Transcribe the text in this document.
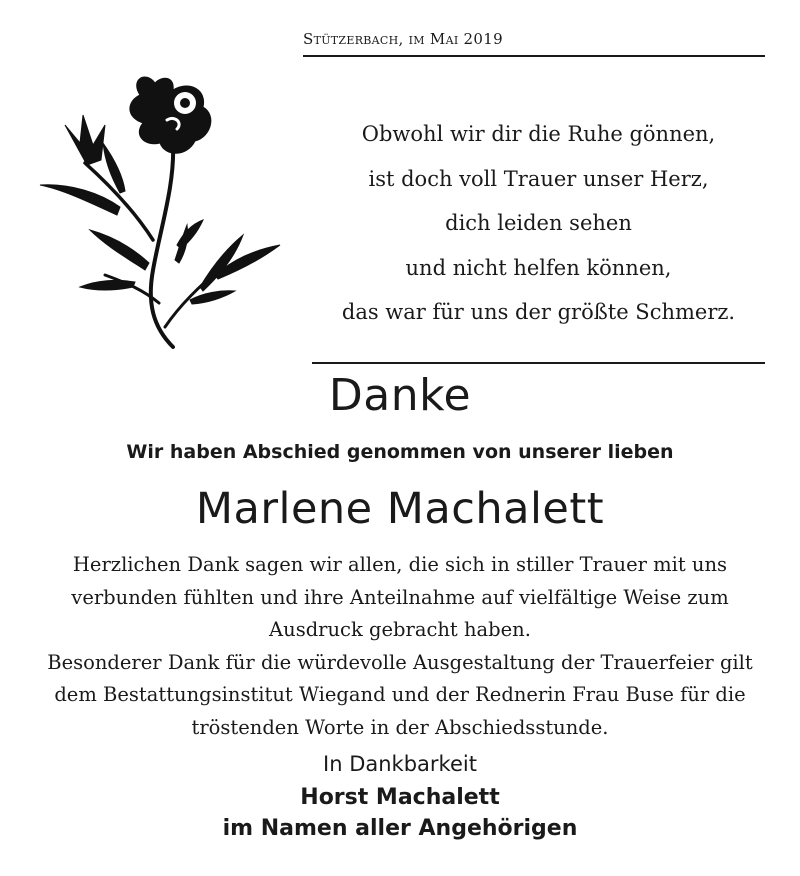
Stützerbach, im Mai 2019
Obwohl wir dir die Ruhe gönnen,
ist doch voll Trauer unser Herz,
dich leiden sehen
und nicht helfen können,
das war für uns der größte Schmerz.
Danke
Wir haben Abschied genommen von unserer lieben
Marlene Machalett
Herzlichen Dank sagen wir allen, die sich in stiller Trauer mit uns
verbunden fühlten und ihre Anteilnahme auf vielfältige Weise zum
Ausdruck gebracht haben.
Besonderer Dank für die würdevolle Ausgestaltung der Trauerfeier gilt
dem Bestattungsinstitut Wiegand und der Rednerin Frau Buse für die
tröstenden Worte in der Abschiedsstunde.
In Dankbarkeit
Horst Machalett
im Namen aller Angehörigen
